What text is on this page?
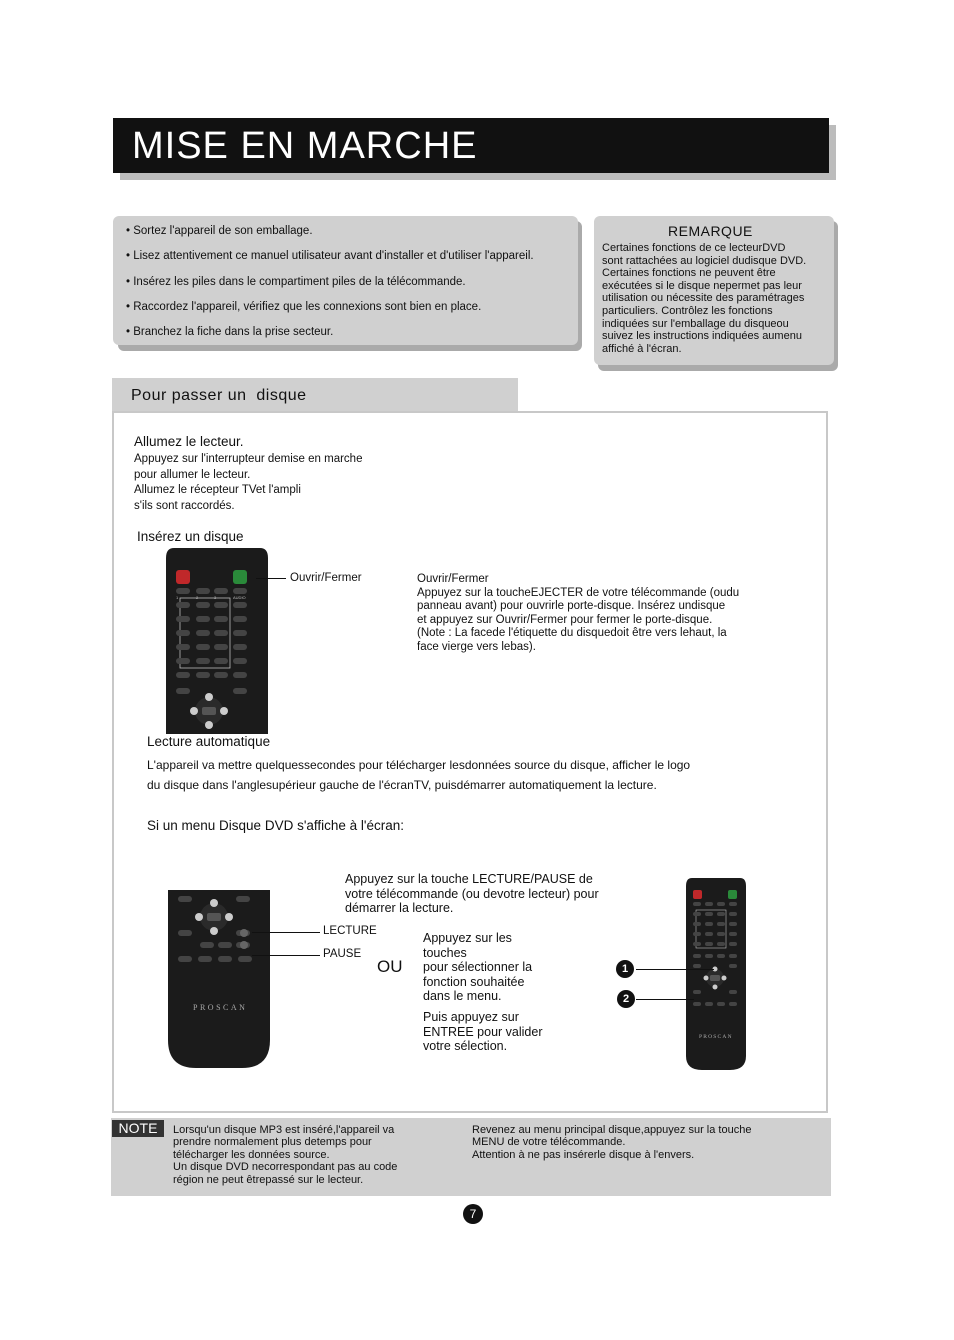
MISE EN MARCHE
• Sortez l'appareil de son emballage.
• Lisez attentivement ce manuel utilisateur avant d'installer et d'utiliser l'appareil.
• Insérez les piles dans le compartiment piles de la télécommande.
• Raccordez l'appareil, vérifiez que les connexions sont bien en place.
• Branchez la fiche dans la prise secteur.
REMARQUE
Certaines fonctions de ce lecteurDVD
sont rattachées au logiciel dudisque DVD.
Certaines fonctions ne peuvent être
exécutées si le disque nepermet pas leur
utilisation ou nécessite des paramétrages
particuliers. Contrôlez les fonctions
indiquées sur l'emballage du disqueou
suivez les instructions indiquées aumenu
affiché à l'écran.
Pour passer un  disque
Allumez le lecteur.
Appuyez sur l'interrupteur demise en marche
pour allumer le lecteur.
Allumez le récepteur TVet l'ampli
s'ils sont raccordés.
Insérez un disque
1	2	3	AUDIO
Ouvrir/Fermer	Ouvrir/Fermer
Appuyez sur la toucheEJECTER de votre télécommande (oudu
panneau avant) pour ouvrirle porte-disque. Insérez undisque
et appuyez sur Ouvrir/Fermer pour fermer le porte-disque.
(Note : La facede l'étiquette du disquedoit être vers lehaut, la
face vierge vers lebas).
Lecture automatique
L'appareil va mettre quelquessecondes pour télécharger lesdonnées source du disque, afficher le logo
du disque dans l'anglesupérieur gauche de l'écranTV, puisdémarrer automatiquement la lecture.
Si un menu Disque DVD s'affiche à l'écran:
Appuyez sur la touche LECTURE/PAUSE de
votre télécommande (ou devotre lecteur) pour
démarrer la lecture.
PROSCAN
LECTURE
PAUSE
OU
Appuyez sur les
touches
pour sélectionner la
fonction souhaitée
dans le menu.
Puis appuyez sur
ENTREE pour valider
votre sélection.
PROSCAN
1
2
NOTE	Lorsqu'un disque MP3 est inséré,l'appareil va
prendre normalement plus detemps pour
télécharger les données source.
Un disque DVD necorrespondant pas au code
région ne peut êtrepassé sur le lecteur.
Revenez au menu principal disque,appuyez sur la touche
MENU de votre télécommande.
Attention à ne pas insérerle disque à l'envers.
7
